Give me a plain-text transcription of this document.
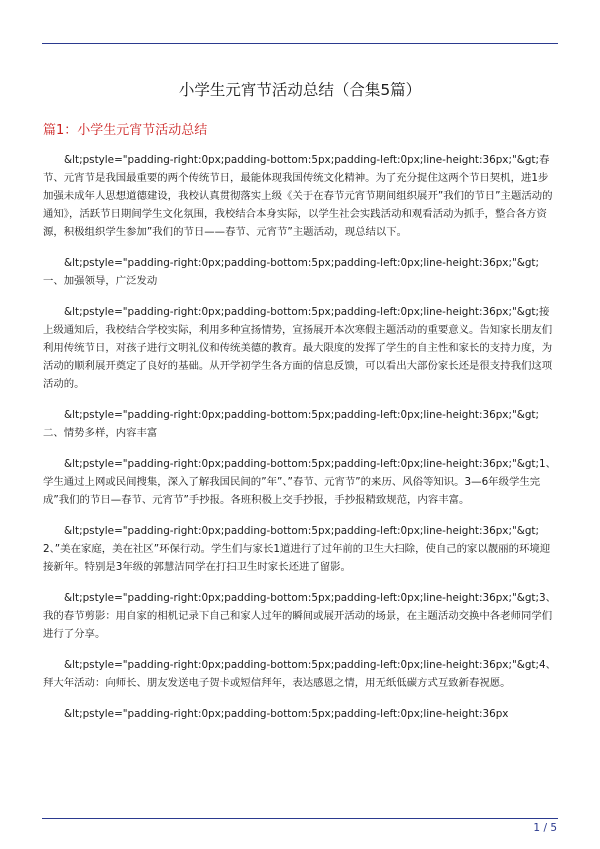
小学生元宵节活动总结（合集5篇）
篇1：小学生元宵节活动总结

&lt;pstyle="padding-right:0px;padding-bottom:5px;padding-left:0px;line-height:36px;"&gt;春节、元宵节是我国最重要的两个传统节日，最能体现我国传统文化精神。为了充分捉住这两个节日契机，进1步加强未成年人思想道德建设，我校认真贯彻落实上级《关于在春节元宵节期间组织展开”我们的节日”主题活动的通知》，活跃节日期间学生文化氛围，我校结合本身实际，以学生社会实践活动和观看活动为抓手，整合各方资源，积极组织学生参加”我们的节日——春节、元宵节”主题活动，现总结以下。

&lt;pstyle="padding-right:0px;padding-bottom:5px;padding-left:0px;line-height:36px;"&gt;一、加强领导，广泛发动

&lt;pstyle="padding-right:0px;padding-bottom:5px;padding-left:0px;line-height:36px;"&gt;接上级通知后，我校结合学校实际，利用多种宣扬情势，宣扬展开本次寒假主题活动的重要意义。告知家长朋友们利用传统节日，对孩子进行文明礼仪和传统美德的教育。最大限度的发挥了学生的自主性和家长的支持力度，为活动的顺利展开奠定了良好的基础。从开学初学生各方面的信息反馈，可以看出大部份家长还是很支持我们这项活动的。

&lt;pstyle="padding-right:0px;padding-bottom:5px;padding-left:0px;line-height:36px;"&gt;二、情势多样，内容丰富

&lt;pstyle="padding-right:0px;padding-bottom:5px;padding-left:0px;line-height:36px;"&gt;1、学生通过上网或民间搜集，深入了解我国民间的”年”、”春节、元宵节”的来历、风俗等知识。3—6年级学生完成”我们的节日—春节、元宵节”手抄报。各班积极上交手抄报，手抄报精致规范，内容丰富。

&lt;pstyle="padding-right:0px;padding-bottom:5px;padding-left:0px;line-height:36px;"&gt;2、”美在家庭，美在社区”环保行动。学生们与家长1道进行了过年前的卫生大扫除，使自己的家以靓丽的环境迎接新年。特别是3年级的郭慧洁同学在打扫卫生时家长还进了留影。

&lt;pstyle="padding-right:0px;padding-bottom:5px;padding-left:0px;line-height:36px;"&gt;3、我的春节剪影：用自家的相机记录下自己和家人过年的瞬间或展开活动的场景，在主题活动交换中各老师同学们进行了分享。

&lt;pstyle="padding-right:0px;padding-bottom:5px;padding-left:0px;line-height:36px;"&gt;4、拜大年活动：向师长、朋友发送电子贺卡或短信拜年，表达感恩之情，用无纸低碳方式互致新春祝愿。

&lt;pstyle="padding-right:0px;padding-bottom:5px;padding-left:0px;line-height:36px

1 / 5
